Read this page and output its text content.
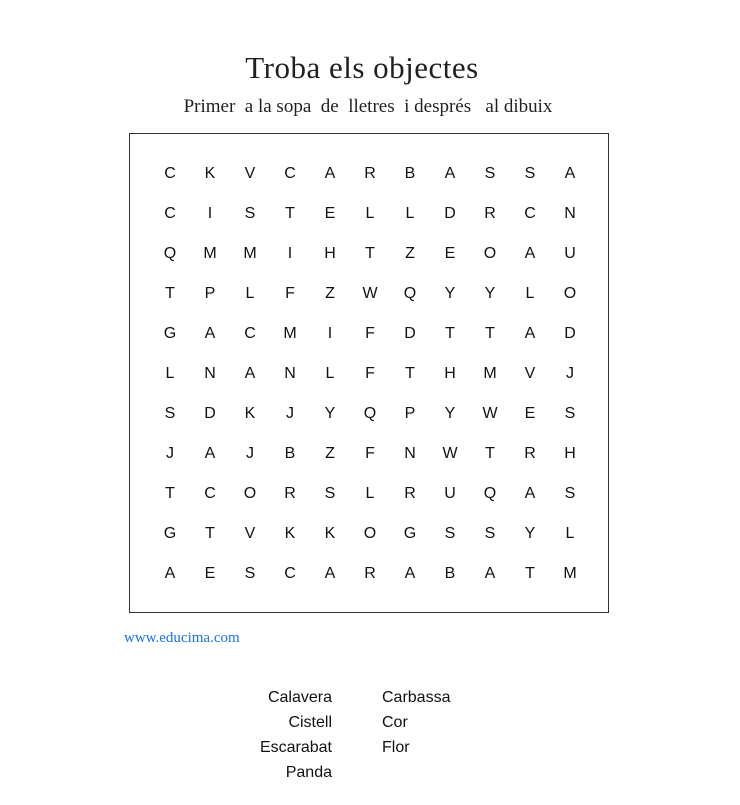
Troba els objectes
Primer  a la sopa  de  lletres  i després   al dibuix
C	K	V	C	A	R	B	A	S	S	A
C	I	S	T	E	L	L	D	R	C	N
Q	M	M	I	H	T	Z	E	O	A	U
T	P	L	F	Z	W	Q	Y	Y	L	O
G	A	C	M	I	F	D	T	T	A	D
L	N	A	N	L	F	T	H	M	V	J
S	D	K	J	Y	Q	P	Y	W	E	S
J	A	J	B	Z	F	N	W	T	R	H
T	C	O	R	S	L	R	U	Q	A	S
G	T	V	K	K	O	G	S	S	Y	L
A	E	S	C	A	R	A	B	A	T	M
www.educima.com
Calavera
Cistell
Escarabat
Panda
Carbassa
Cor
Flor
